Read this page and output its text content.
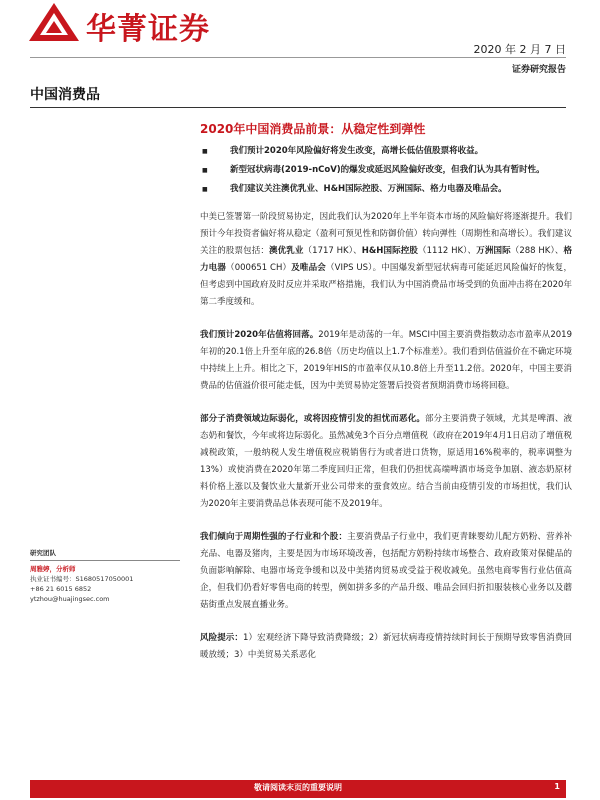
华菁证券
2020 年 2 月 7 日
证券研究报告
中国消费品
2020年中国消费品前景：从稳定性到弹性
■ 我们预计2020年风险偏好将发生改变，高增长低估值股票将收益。
■ 新型冠状病毒(2019-nCoV)的爆发或延迟风险偏好改变，但我们认为具有暂时性。
■ 我们建议关注澳优乳业、H&H国际控股、万洲国际、格力电器及唯品会。

中美已签署第一阶段贸易协定，因此我们认为2020年上半年资本市场的风险偏好将逐渐提升。我们预计今年投资者偏好将从稳定（盈利可预见性和防御价值）转向弹性（周期性和高增长）。我们建议关注的股票包括：澳优乳业（1717 HK）、H&H国际控股（1112 HK）、万洲国际（288 HK）、格力电器（000651 CH）及唯品会（VIPS US）。中国爆发新型冠状病毒可能延迟风险偏好的恢复，但考虑到中国政府及时反应并采取严格措施，我们认为中国消费品市场受到的负面冲击将在2020年第二季度缓和。

我们预计2020年估值将回落。2019年是动荡的一年。MSCI中国主要消费指数动态市盈率从2019年初的20.1倍上升至年底的26.8倍（历史均值以上1.7个标准差）。我们看到估值溢价在不确定环境中持续上上升。相比之下，2019年HIS的市盈率仅从10.8倍上升至11.2倍。2020年，中国主要消费品的估值溢价很可能走低，因为中美贸易协定签署后投资者预期消费市场将回稳。

部分子消费领域边际弱化，或将因疫情引发的担忧而恶化。部分主要消费子领域，尤其是啤酒、液态奶和餐饮，今年或将边际弱化。虽然减免3个百分点增值税（政府在2019年4月1日启动了增值税减税政策，一般纳税人发生增值税应税销售行为或者进口货物，原适用16%税率的，税率调整为13%）或使消费在2020年第二季度回归正常，但我们仍担忧高端啤酒市场竞争加剧、液态奶原材料价格上涨以及餐饮业大量新开业公司带来的蚕食效应。结合当前由疫情引发的市场担忧，我们认为2020年主要消费品总体表现可能不及2019年。

我们倾向于周期性强的子行业和个股：主要消费品子行业中，我们更青睐婴幼儿配方奶粉、营养补充品、电器及猪肉，主要是因为市场环境改善，包括配方奶粉持续市场整合、政府政策对保健品的负面影响解除、电器市场竞争缓和以及中美猪肉贸易或受益于税收减免。虽然电商零售行业估值高企，但我们仍看好零售电商的转型，例如拼多多的产品升级、唯品会回归折扣服装核心业务以及蘑菇街重点发展直播业务。

风险提示：1）宏观经济下降导致消费降级；2）新冠状病毒疫情持续时间长于预期导致零售消费回暖放缓；3）中美贸易关系恶化

研究团队
周雅婷，分析师
执业证书编号：S1680517050001
+86 21 6015 6852
ytzhou@huajingsec.com
敬请阅读末页的重要说明	1
